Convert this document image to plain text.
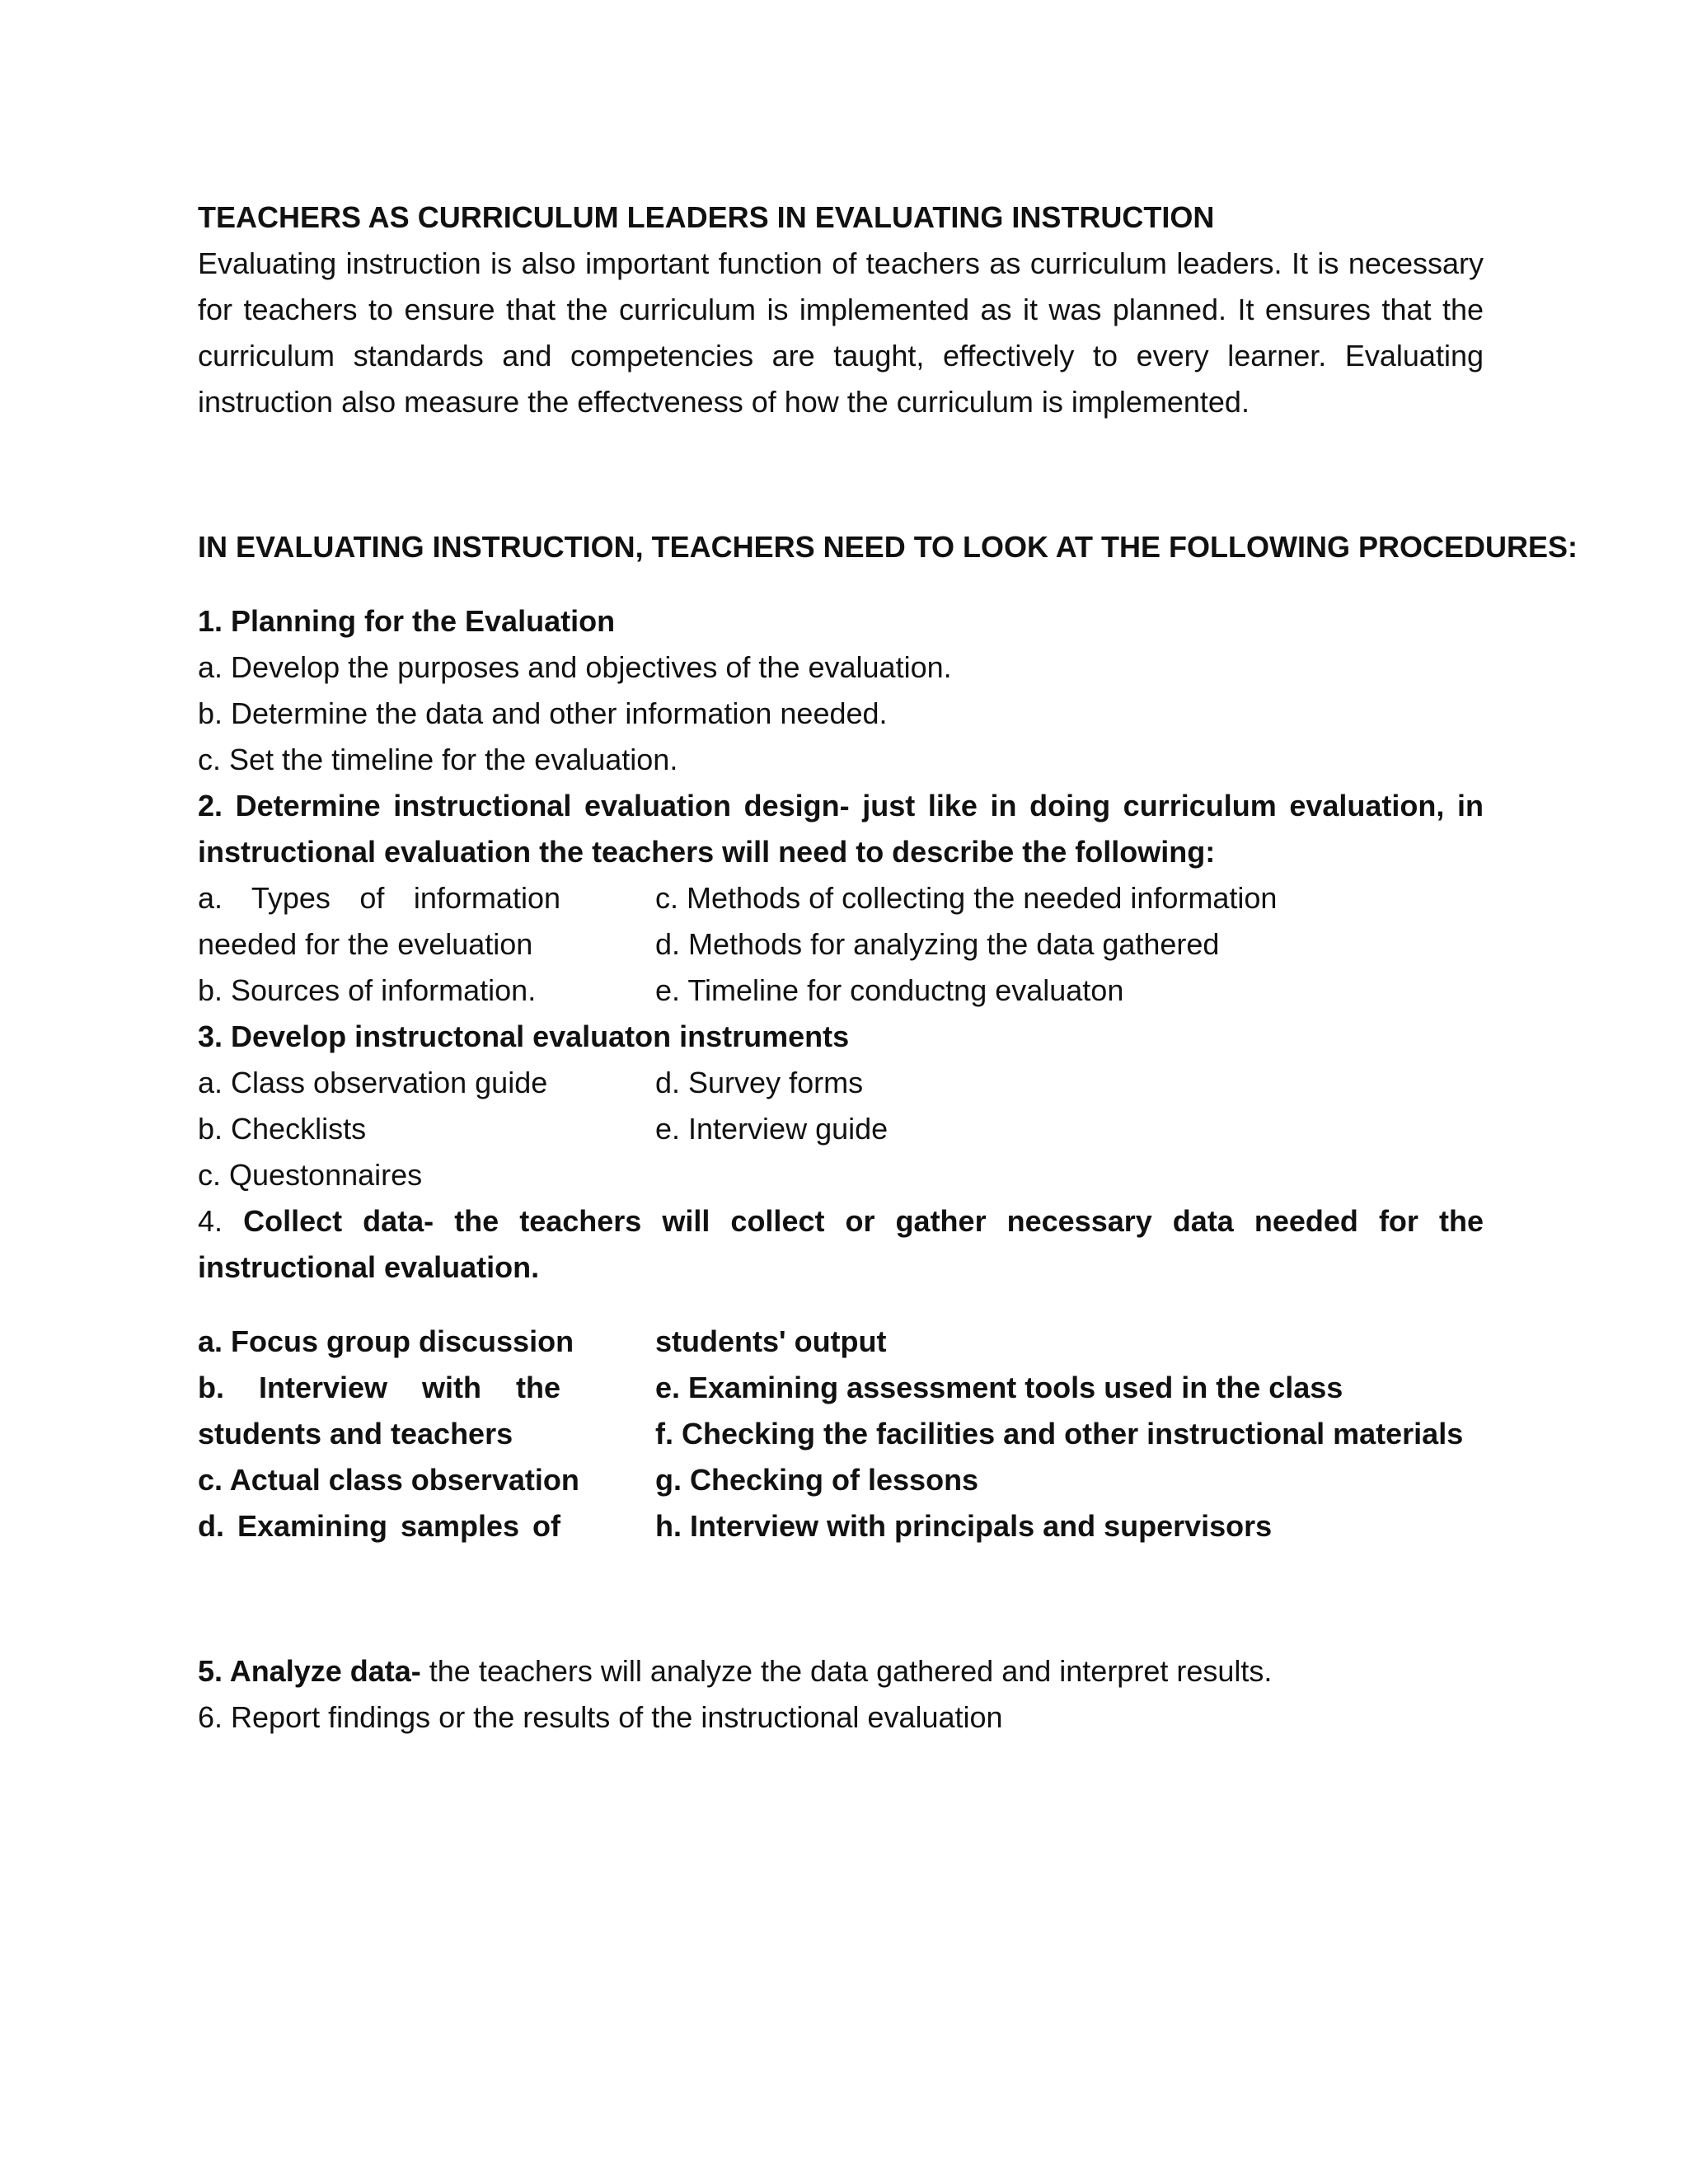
TEACHERS AS CURRICULUM LEADERS IN EVALUATING INSTRUCTION

Evaluating instruction is also important function of teachers as curriculum leaders. It is necessary for teachers to ensure that the curriculum is implemented as it was planned. It ensures that the curriculum standards and competencies are taught, effectively to every learner. Evaluating instruction also measure the effectveness of how the curriculum is implemented.

IN EVALUATING INSTRUCTION, TEACHERS NEED TO LOOK AT THE FOLLOWING PROCEDURES:

1. Planning for the Evaluation

a. Develop the purposes and objectives of the evaluation.

b. Determine the data and other information needed.

c. Set the timeline for the evaluation.

2. Determine instructional evaluation design- just like in doing curriculum evaluation, in instructional evaluation the teachers will need to describe the following:

a. Types of information needed for the eveluation

b. Sources of information.

c. Methods of collecting the needed information

d. Methods for analyzing the data gathered

e. Timeline for conductng evaluaton

3. Develop instructonal evaluaton instruments

a. Class observation guide

b. Checklists

c. Questonnaires

d. Survey forms

e. Interview guide

4. Collect data- the teachers will collect or gather necessary data needed for the instructional evaluation.

a. Focus group discussion

b. Interview with the students and teachers

c. Actual class observation

d. Examining samples of

students' output

e. Examining assessment tools used in the class

f. Checking the facilities and other instructional materials

g. Checking of lessons

h. Interview with principals and supervisors

5. Analyze data- the teachers will analyze the data gathered and interpret results.

6. Report findings or the results of the instructional evaluation
